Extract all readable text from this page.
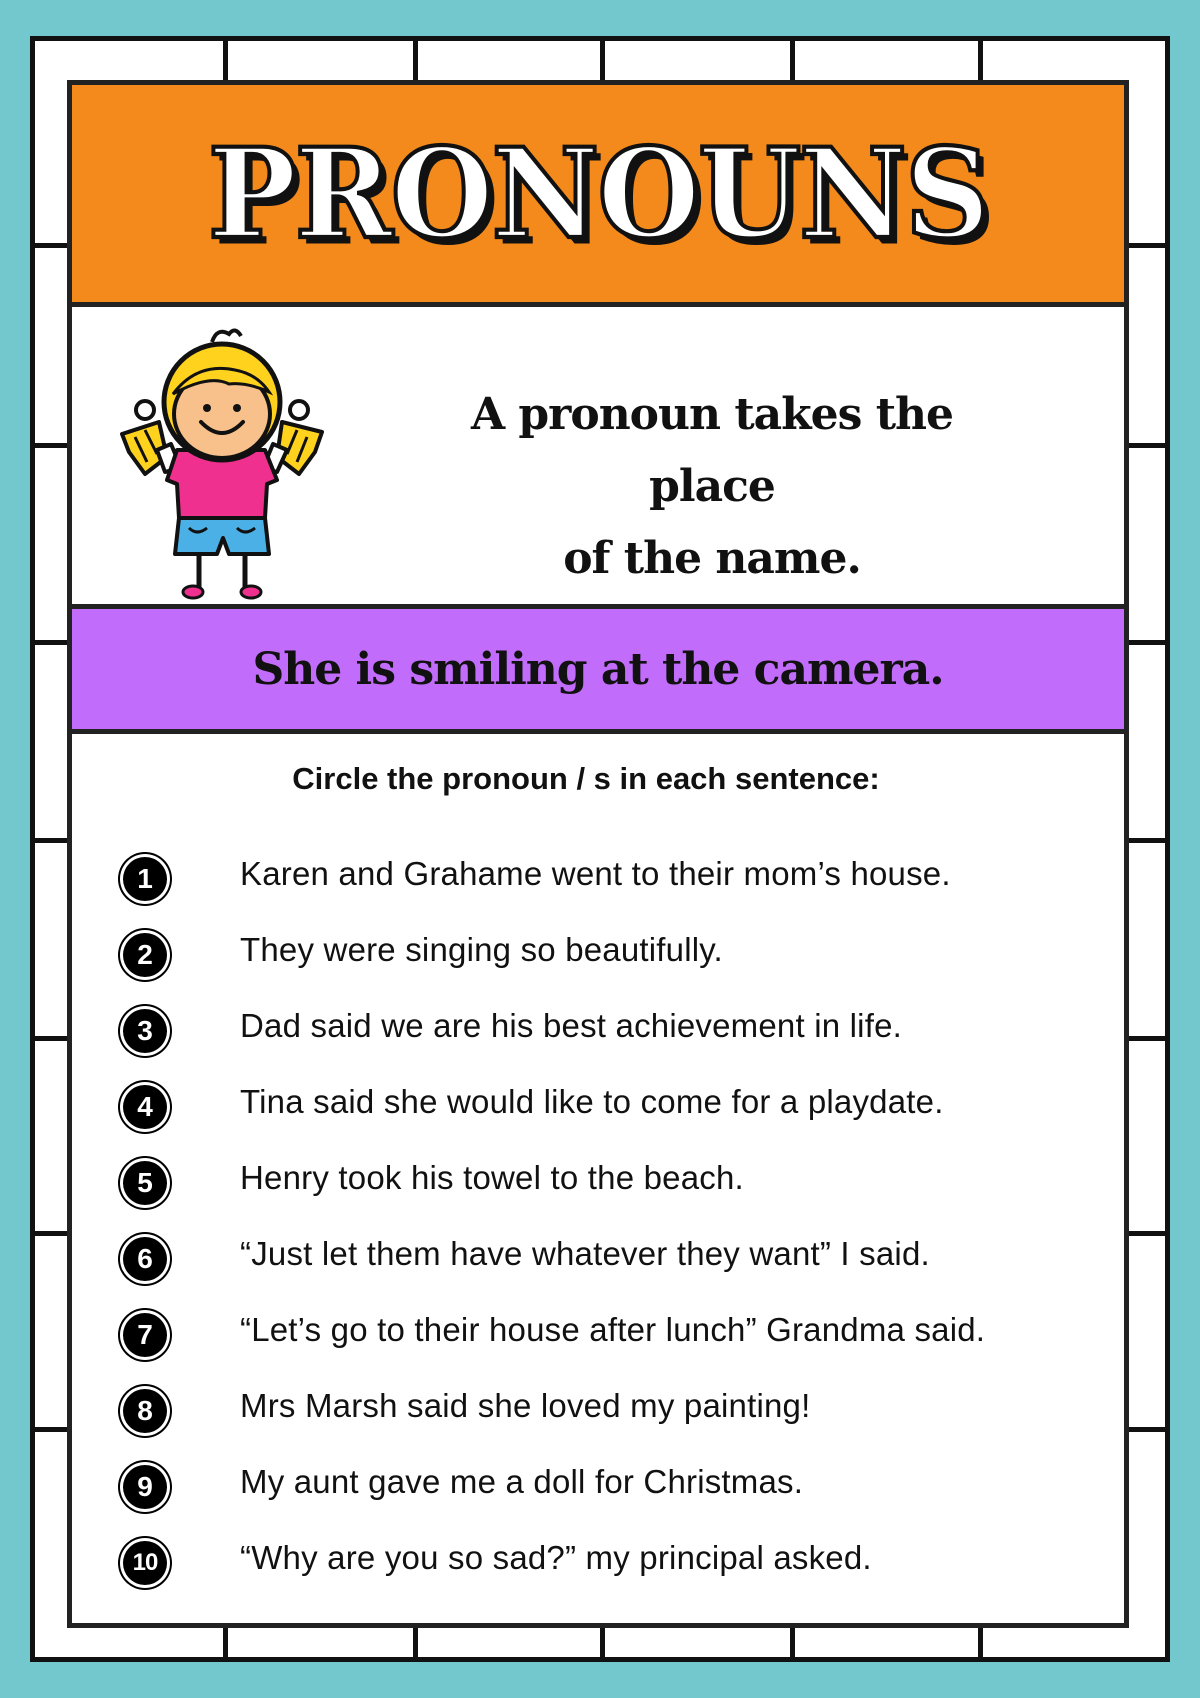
PRONOUNS
A pronoun takes the place
of the name.
She is smiling at the camera.
Circle the pronoun / s in each sentence:
1	Karen and Grahame went to their mom’s house.
2	They were singing so beautifully.
3	Dad said we are his best achievement in life.
4	Tina said she would like to come for a playdate.
5	Henry took his towel to the beach.
6	“Just let them have whatever they want” I said.
7	“Let’s go to their house after lunch” Grandma said.
8	Mrs Marsh said she loved my painting!
9	My aunt gave me a doll for Christmas.
10	“Why are you so sad?” my principal asked.
